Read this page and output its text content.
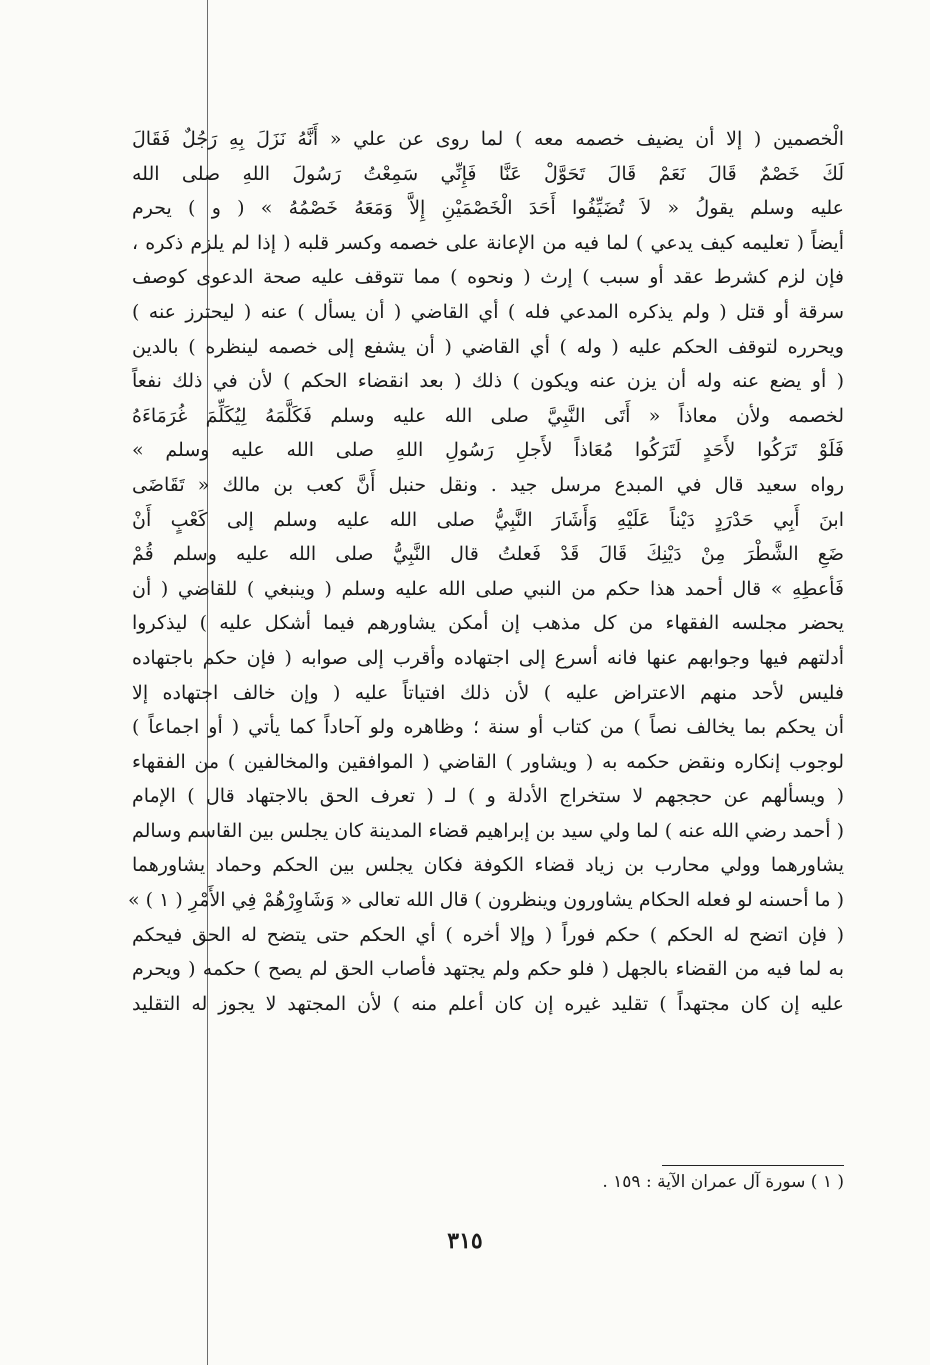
الْخصمين ( إلا أن يضيف خصمه معه ) لما روى عن علي « أَنَّهُ نَزَلَ بِهِ رَجُلٌ فَقَالَ
لَكَ خَصْمٌ قَالَ نَعَمْ قَالَ تَحَوَّلْ عَنَّا فَإِنِّي سَمِعْتُ رَسُولَ اللهِ صلى الله
عليه وسلم يقولُ « لاَ تُضَيِّفُوا أَحَدَ الْخَصْمَيْنِ إِلاَّ وَمَعَهُ خَصْمُهُ » ( و ) يحرم
أيضاً ( تعليمه كيف يدعي ) لما فيه من الإعانة على خصمه وكسر قلبه ( إذا لم يلزم ذكره ،
فإن لزم كشرط عقد أو سبب ) إرث ( ونحوه ) مما تتوقف عليه صحة الدعوى كوصف
سرقة أو قتل ( ولم يذكره المدعي فله ) أي القاضي ( أن يسأل ) عنه ( ليحترز عنه )
ويحرره لتوقف الحكم عليه ( وله ) أي القاضي ( أن يشفع إلى خصمه لينظره ) بالدين
( أو يضع عنه وله أن يزن عنه ويكون ) ذلك ( بعد انقضاء الحكم ) لأن في ذلك نفعاً
لخصمه ولأن معاذاً « أَتَى النَّبِيَّ صلى الله عليه وسلم فَكَلَّمَهُ لِيُكَلِّمَ غُرَمَاءَهُ
فَلَوْ تَرَكُوا لأَحَدٍ لَتَرَكُوا مُعَاذاً لأَجلِ رَسُولِ اللهِ صلى الله عليه وسلم »
رواه سعيد قال في المبدع مرسل جيد . ونقل حنبل أَنَّ كعب بن مالك « تَقَاضَى
ابنَ أَبِي حَدْرَدٍ دَيْناً عَلَيْهِ وَأَشَارَ النَّبِيُّ صلى الله عليه وسلم إلى كَعْبٍ أَنْ
ضَعِ الشَّطْرَ مِنْ دَيْنِكَ قَالَ قَدْ فَعلتُ قال النَّبِيُّ صلى الله عليه وسلم قُمْ
فَأعطِهِ » قال أحمد هذا حكم من النبي صلى الله عليه وسلم ( وينبغي ) للقاضي ( أن
يحضر مجلسه الفقهاء من كل مذهب إن أمكن يشاورهم فيما أشكل عليه ) ليذكروا
أدلتهم فيها وجوابهم عنها فانه أسرع إلى اجتهاده وأقرب إلى صوابه ( فإن حكم باجتهاده
فليس لأحد منهم الاعتراض عليه ) لأن ذلك افتياتاً عليه ( وإن خالف اجتهاده إلا
أن يحكم بما يخالف نصاً ) من كتاب أو سنة ؛ وظاهره ولو آحاداً كما يأتي ( أو اجماعاً )
لوجوب إنكاره ونقض حكمه به ( ويشاور ) القاضي ( الموافقين والمخالفين ) من الفقهاء
( ويسألهم عن حججهم لا ستخراج الأدلة و ) لـ ( تعرف الحق بالاجتهاد قال ) الإمام
( أحمد رضي الله عنه ) لما ولي سيد بن إبراهيم قضاء المدينة كان يجلس بين القاسم وسالم
يشاورهما وولي محارب بن زياد قضاء الكوفة فكان يجلس بين الحكم وحماد يشاورهما
( ما أحسنه لو فعله الحكام يشاورون وينظرون ) قال الله تعالى « وَشَاوِرْهُمْ فِي الأَمْرِ ( ١ ) »
( فإن اتضح له الحكم ) حكم فوراً ( وإلا أخره ) أي الحكم حتى يتضح له الحق فيحكم
به لما فيه من القضاء بالجهل ( فلو حكم ولم يجتهد فأصاب الحق لم يصح ) حكمه ( ويحرم
عليه إن كان مجتهداً ) تقليد غيره إن كان أعلم منه ) لأن المجتهد لا يجوز له التقليد
( ١ ) سورة آل عمران الآية : ١٥٩ .
٣١٥
